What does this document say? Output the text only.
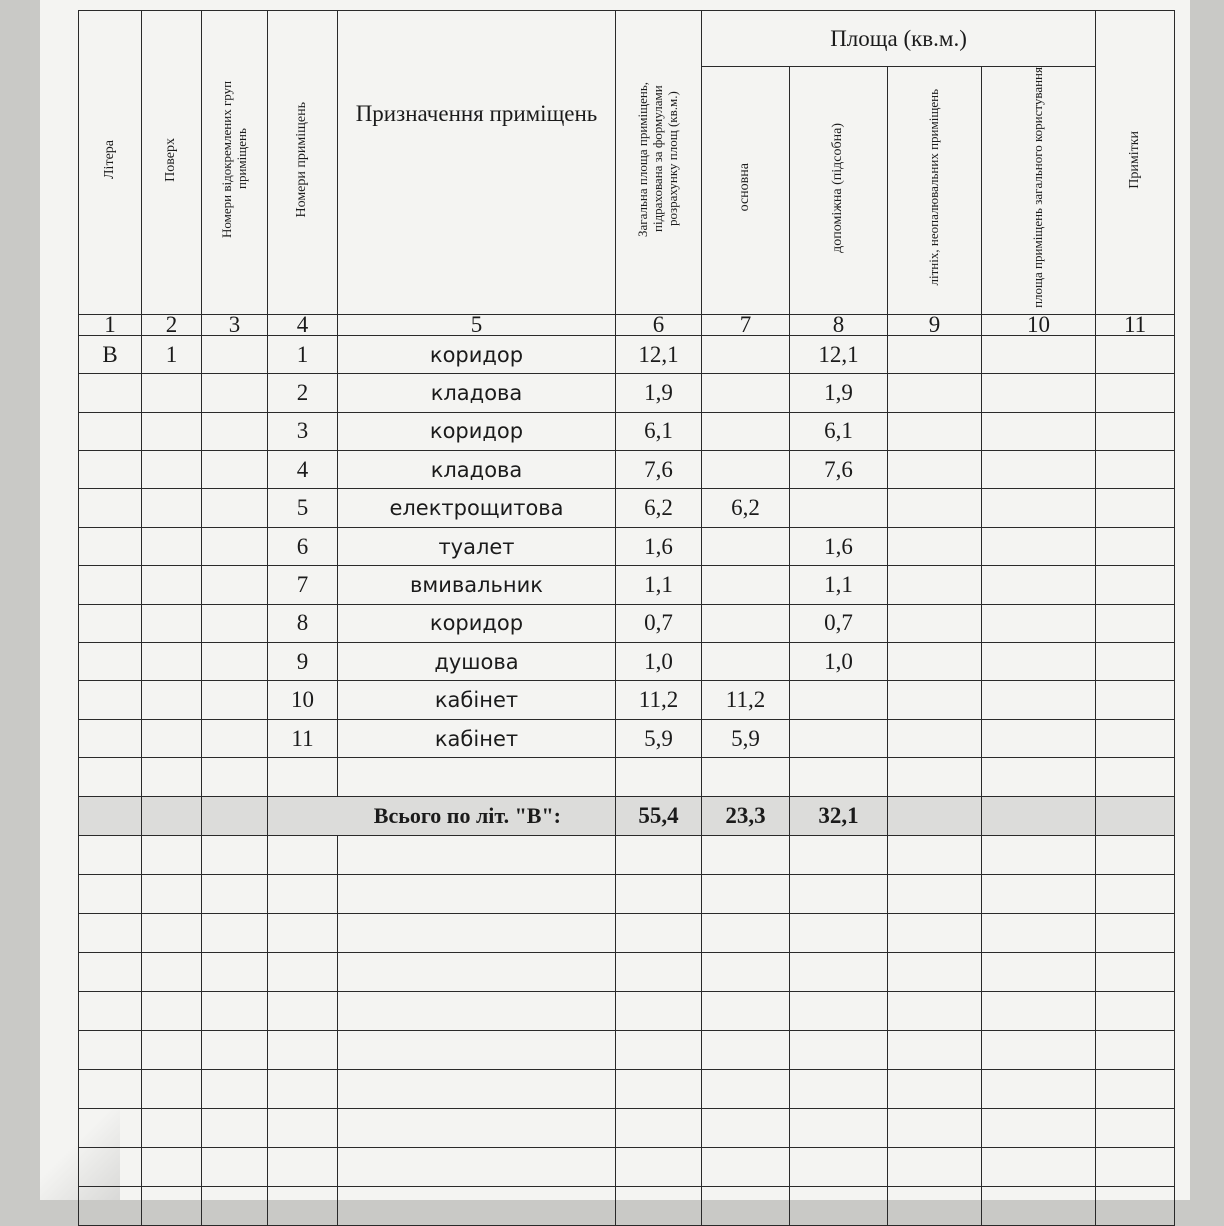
Літера	Поверх	Номери відокремлених груп приміщень	Номери приміщень	Призначення приміщень	Загальна площа приміщень, підрахована за формулами розрахунку площ (кв.м.)	Площа (кв.м.)				Примітки
						основна	допоміжна (підсобна)	літніх, неопалювальних приміщень	площа приміщень загального користування	
1	2	3	4	5	6	7	8	9	10	11
В	1		1	коридор	12,1		12,1			
			2	кладова	1,9		1,9			
			3	коридор	6,1		6,1			
			4	кладова	7,6		7,6			
			5	електрощитова	6,2	6,2				
			6	туалет	1,6		1,6			
			7	вмивальник	1,1		1,1			
			8	коридор	0,7		0,7			
			9	душова	1,0		1,0			
			10	кабінет	11,2	11,2				
			11	кабінет	5,9	5,9				

			Всього по літ. "В":		55,4	23,3	32,1			
